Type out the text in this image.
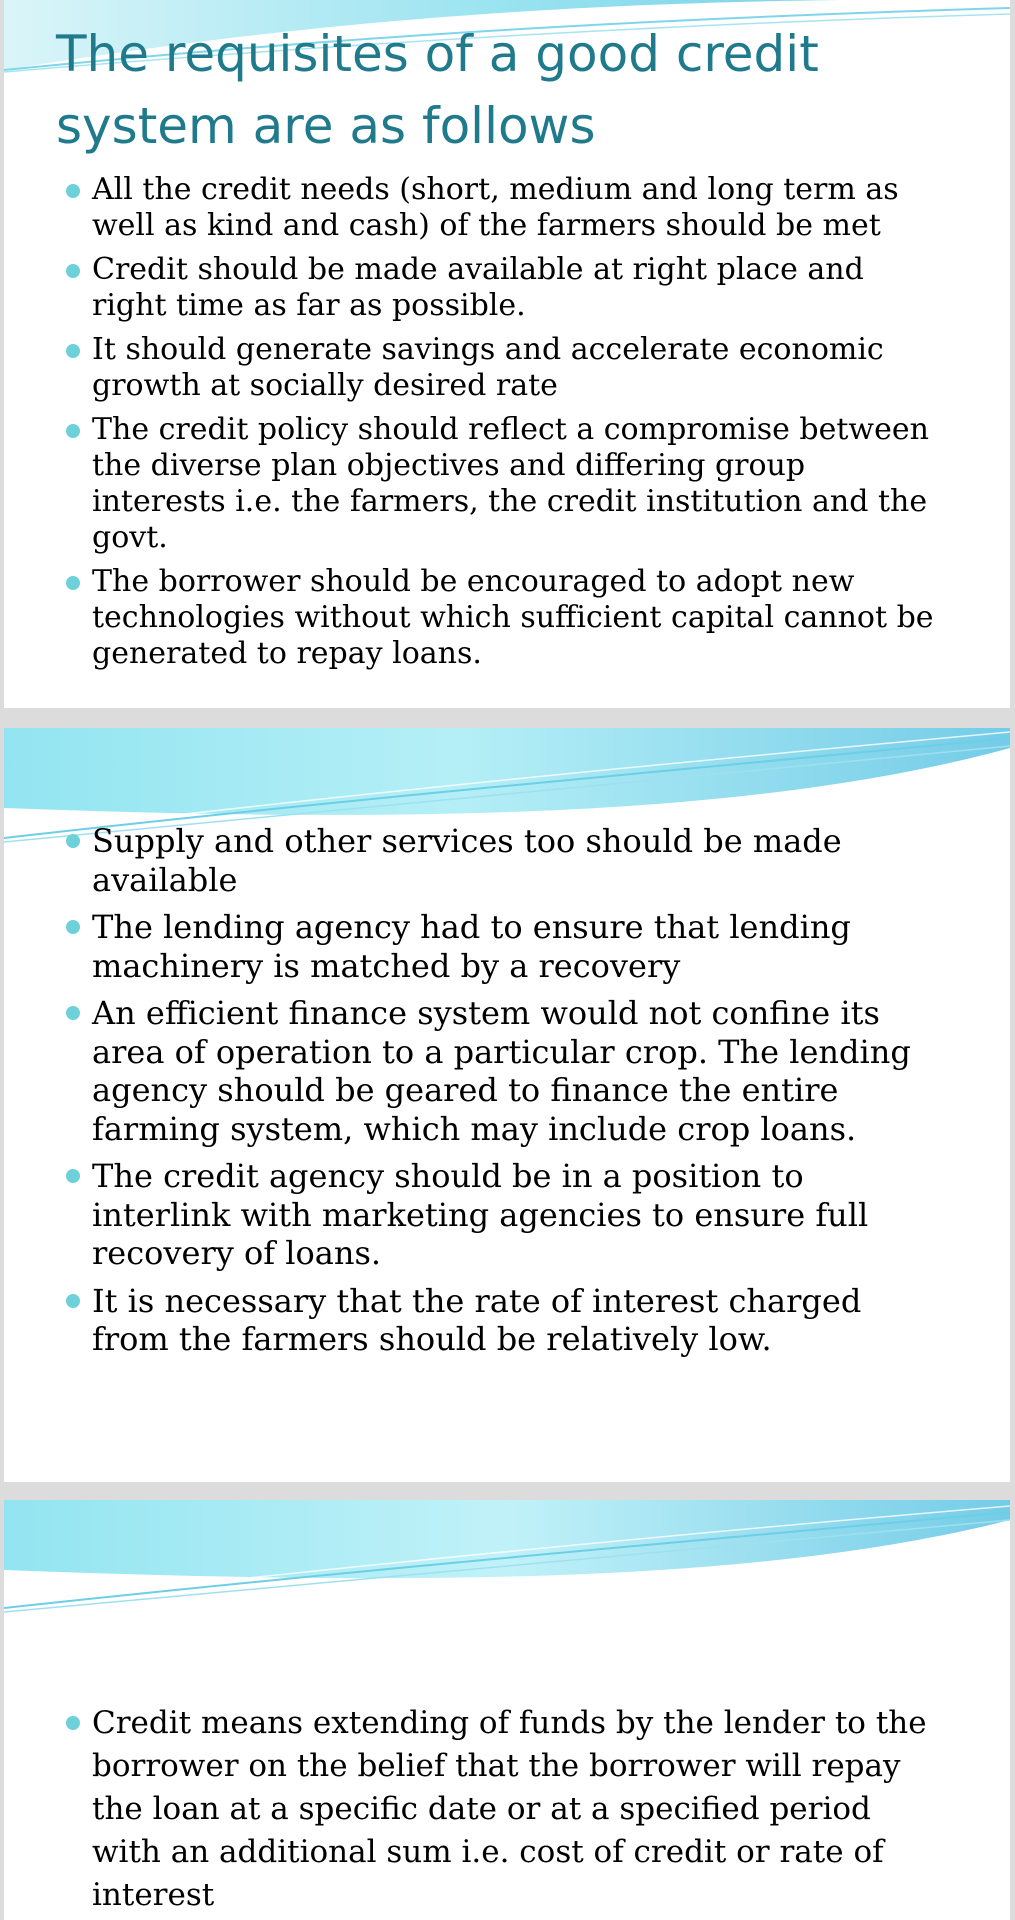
The requisites of a good credit system are as follows
All the credit needs (short, medium and long term as well as kind and cash) of the farmers should be met
Credit should be made available at right place and right time as far as possible.
It should generate savings and accelerate economic growth at socially desired rate
The credit policy should reflect a compromise between the diverse plan objectives and differing group interests i.e. the farmers, the credit institution and the govt.
The borrower should be encouraged to adopt new technologies without which sufficient capital cannot be generated to repay loans.
Supply and other services too should be made available
The lending agency had to ensure that lending machinery is matched by a recovery
An efficient finance system would not confine its area of operation to a particular crop. The lending agency should be geared to finance the entire farming system, which may include crop loans.
The credit agency should be in a position to interlink with marketing agencies to ensure full recovery of loans.
It is necessary that the rate of interest charged from the farmers should be relatively low.
Credit means extending of funds by the lender to the borrower on the belief that the borrower will repay the loan at a specific date or at a specified period with an additional sum i.e. cost of credit or rate of interest
